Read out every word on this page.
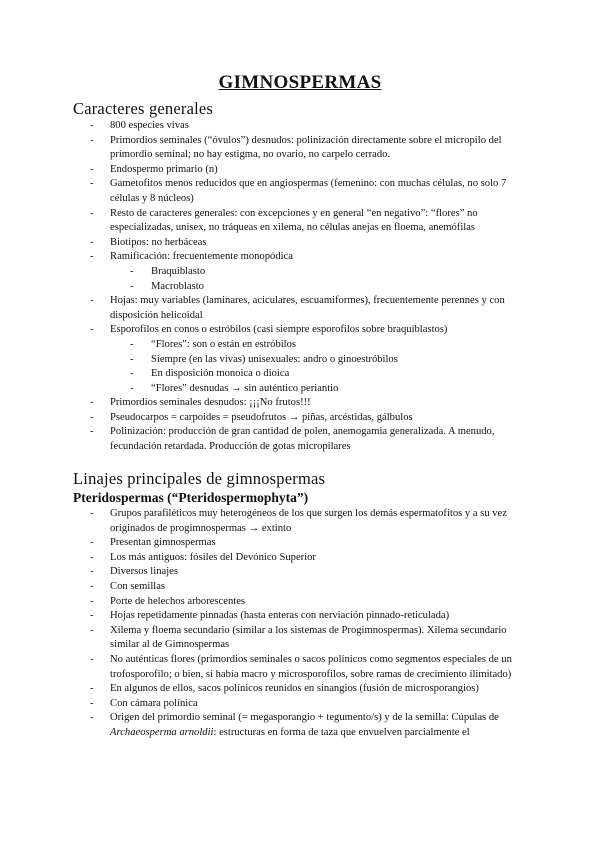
GIMNOSPERMAS
Caracteres generales
- 800 especies vivas
- Primordios seminales (“óvulos”) desnudos: polinización directamente sobre el micropilo del primordio seminal; no hay estigma, no ovario, no carpelo cerrado.
- Endospermo primario (n)
- Gametofitos menos reducidos que en angiospermas (femenino: con muchas células, no solo 7 células y 8 núcleos)
- Resto de caracteres generales: con excepciones y en general “en negativo”: “flores” no especializadas, unisex, no tráqueas en xilema, no células anejas en floema, anemófilas
- Biotipos: no herbáceas
- Ramificación: frecuentemente monopódica
- Braquiblasto
- Macroblasto
- Hojas: muy variables (laminares, aciculares, escuamiformes), frecuentemente perennes y con disposición helicoidal
- Esporofilos en conos o estróbilos (casi siempre esporofilos sobre braquiblastos)
- “Flores”: son o están en estróbilos
- Siempre (en las vivas) unisexuales: andro o ginoestróbilos
- En disposición monoica o dioica
- “Flores” desnudas → sin auténtico periantio
- Primordios seminales desnudos: ¡¡¡No frutos!!!
- Pseudocarpos = carpoides = pseudofrutos → piñas, arcéstidas, gálbulos
- Polinización: producción de gran cantidad de polen, anemogamia generalizada. A menudo, fecundación retardada. Producción de gotas micropilares
Linajes principales de gimnospermas
Pteridospermas (“Pteridospermophyta”)
- Grupos parafiléticos muy heterogéneos de los que surgen los demás espermatofitos y a su vez originados de progimnospermas → extinto
- Presentan gimnospermas
- Los más antiguos: fósiles del Devónico Superior
- Diversos linajes
- Con semillas
- Porte de helechos arborescentes
- Hojas repetidamente pinnadas (hasta enteras con nerviación pinnado-reticulada)
- Xilema y floema secundario (similar a los sistemas de Progimnospermas). Xilema secundario similar al de Gimnospermas
- No auténticas flores (primordios seminales o sacos polínicos como segmentos especiales de un trofosporofilo; o bien, si había macro y microsporofilos, sobre ramas de crecimiento ilimitado)
- En algunos de ellos, sacos polínicos reunidos en sinangios (fusión de microsporangios)
- Con cámara polínica
- Origen del primordio seminal (= megasporangio + tegumento/s) y de la semilla: Cúpulas de Archaeosperma arnoldii: estructuras en forma de taza que envuelven parcialmente el
